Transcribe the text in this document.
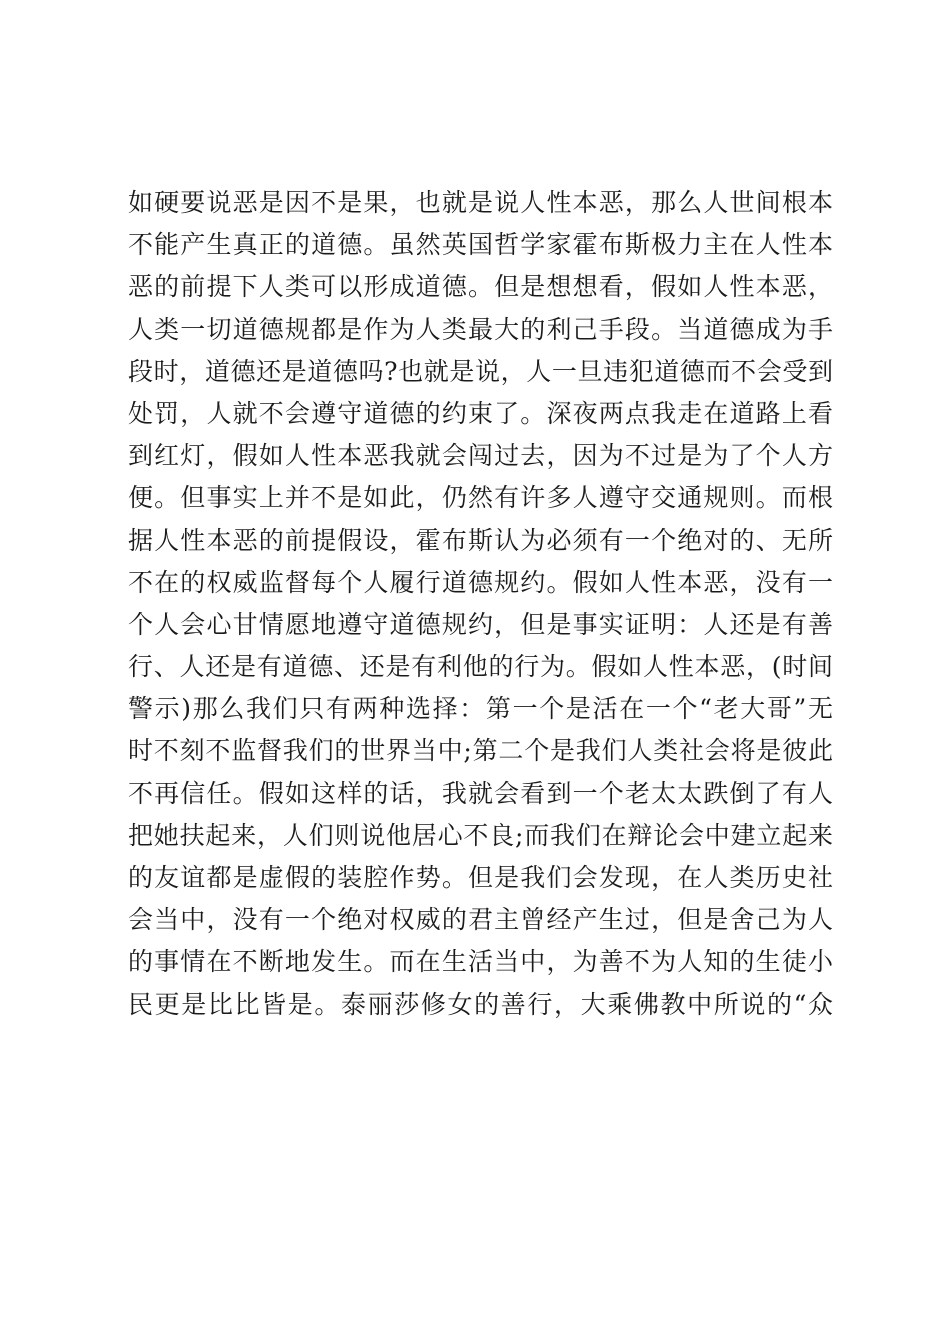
如硬要说恶是因不是果，也就是说人性本恶，那么人世间根本
不能产生真正的道德。虽然英国哲学家霍布斯极力主在人性本
恶的前提下人类可以形成道德。但是想想看，假如人性本恶，
人类一切道德规都是作为人类最大的利己手段。当道德成为手
段时，道德还是道德吗?也就是说，人一旦违犯道德而不会受到
处罚，人就不会遵守道德的约束了。深夜两点我走在道路上看
到红灯，假如人性本恶我就会闯过去，因为不过是为了个人方
便。但事实上并不是如此，仍然有许多人遵守交通规则。而根
据人性本恶的前提假设，霍布斯认为必须有一个绝对的、无所
不在的权威监督每个人履行道德规约。假如人性本恶，没有一
个人会心甘情愿地遵守道德规约，但是事实证明：人还是有善
行、人还是有道德、还是有利他的行为。假如人性本恶，(时间
警示)那么我们只有两种选择：第一个是活在一个“老大哥”无
时不刻不监督我们的世界当中;第二个是我们人类社会将是彼此
不再信任。假如这样的话，我就会看到一个老太太跌倒了有人
把她扶起来，人们则说他居心不良;而我们在辩论会中建立起来
的友谊都是虚假的装腔作势。但是我们会发现，在人类历史社
会当中，没有一个绝对权威的君主曾经产生过，但是舍己为人
的事情在不断地发生。而在生活当中，为善不为人知的生徒小
民更是比比皆是。泰丽莎修女的善行，大乘佛教中所说的“众
